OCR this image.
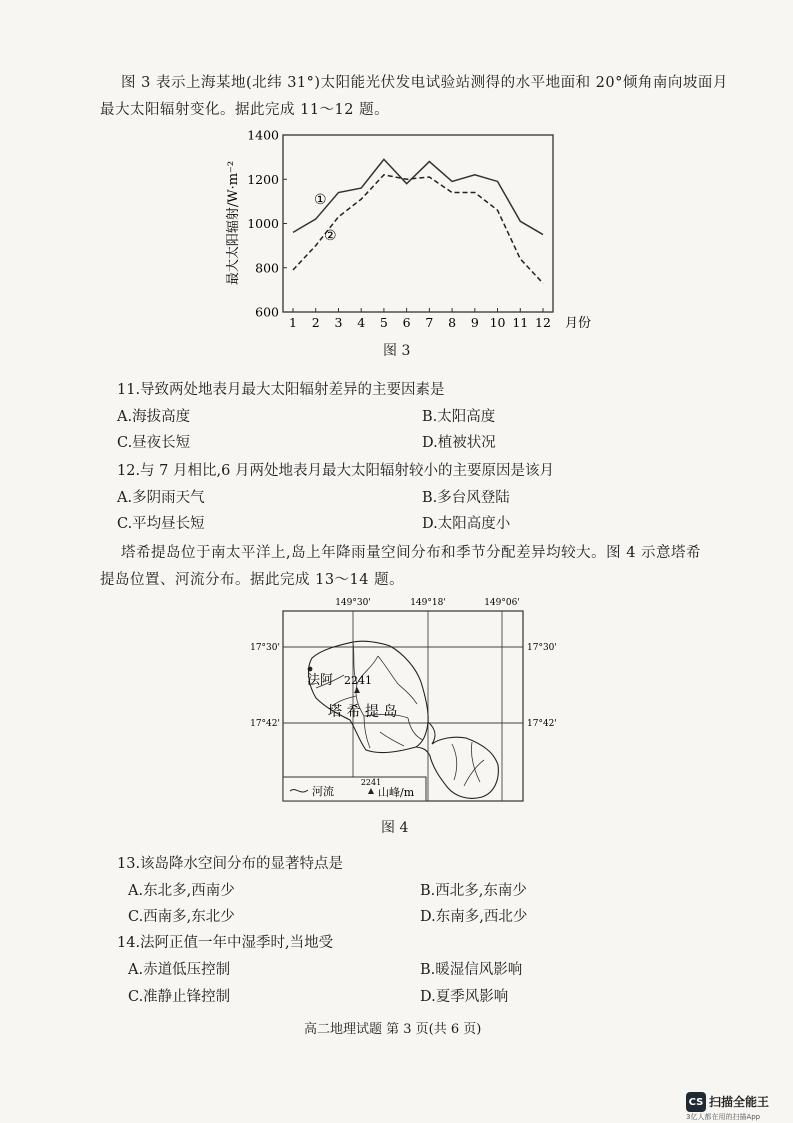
图 3 表示上海某地(北纬 31°)太阳能光伏发电试验站测得的水平地面和 20°倾角南向坡面月
最大太阳辐射变化。据此完成 11～12 题。
600
800
1000
1200
1400
1 2 3 4 5 6 7 8 9 10 11 12
最大太阳辐射/W·m⁻²
月份
①
②
图 3
11.导致两处地表月最大太阳辐射差异的主要因素是
A.海拔高度	B.太阳高度
C.昼夜长短	D.植被状况
12.与 7 月相比,6 月两处地表月最大太阳辐射较小的主要原因是该月
A.多阴雨天气	B.多台风登陆
C.平均昼长短	D.太阳高度小
塔希提岛位于南太平洋上,岛上年降雨量空间分布和季节分配差异均较大。图 4 示意塔希
提岛位置、河流分布。据此完成 13～14 题。
149°30'	149°18'	149°06'
17°30'
17°42'
17°30'
17°42'
法阿 2241
塔 希 提 岛
河流
2241
山峰/m
图 4
13.该岛降水空间分布的显著特点是
A.东北多,西南少	B.西北多,东南少
C.西南多,东北少	D.东南多,西北少
14.法阿正值一年中湿季时,当地受
A.赤道低压控制	B.暖湿信风影响
C.准静止锋控制	D.夏季风影响
高二地理试题 第 3 页(共 6 页)
CS 扫描全能王
3亿人都在用的扫描App
